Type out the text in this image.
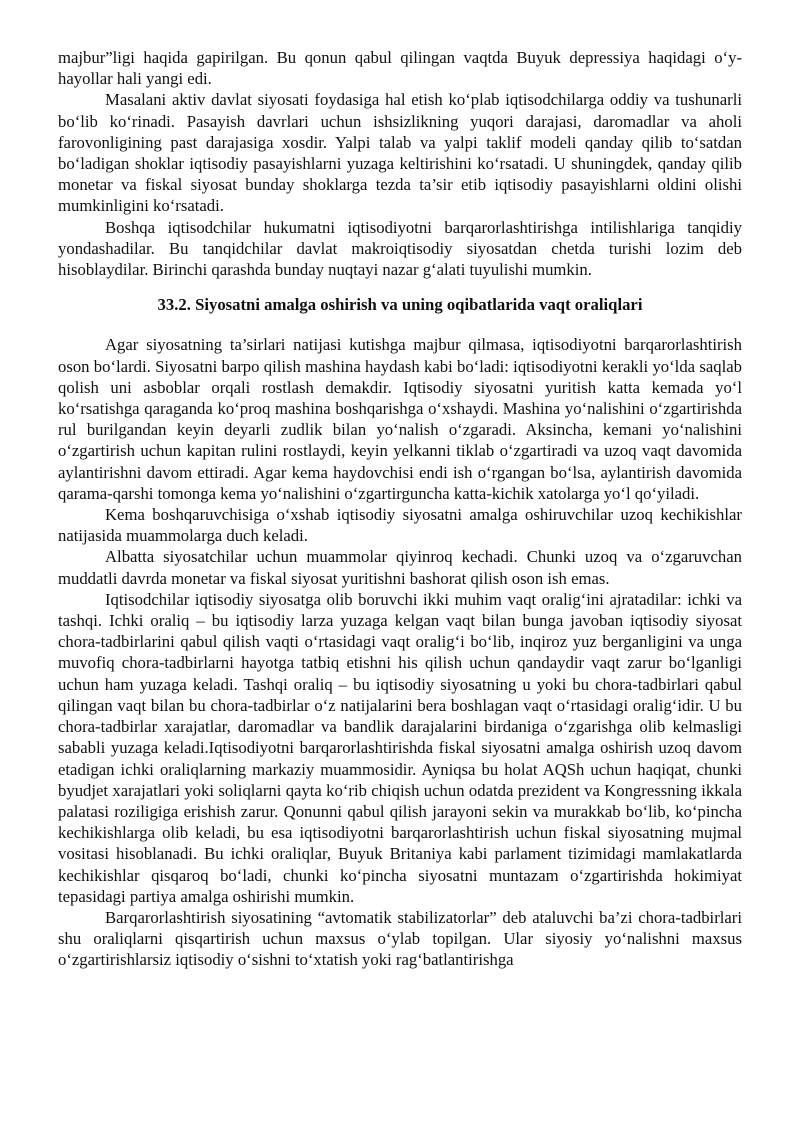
majbur”ligi haqida gapirilgan. Bu qonun qabul qilingan vaqtda Buyuk depressiya haqidagi o‘y-hayollar hali yangi edi.

Masalani aktiv davlat siyosati foydasiga hal etish ko‘plab iqtisodchilarga oddiy va tushunarli bo‘lib ko‘rinadi. Pasayish davrlari uchun ishsizlikning yuqori darajasi, daromadlar va aholi farovonligining past darajasiga xosdir. Yalpi talab va yalpi taklif modeli qanday qilib to‘satdan bo‘ladigan shoklar iqtisodiy pasayishlarni yuzaga keltirishini ko‘rsatadi. U shuningdek, qanday qilib monetar va fiskal siyosat bunday shoklarga tezda ta’sir etib iqtisodiy pasayishlarni oldini olishi mumkinligini ko‘rsatadi.

Boshqa iqtisodchilar hukumatni iqtisodiyotni barqarorlashtirishga intilishlariga tanqidiy yondashadilar. Bu tanqidchilar davlat makroiqtisodiy siyosatdan chetda turishi lozim deb hisoblaydilar. Birinchi qarashda bunday nuqtayi nazar g‘alati tuyulishi mumkin.

33.2. Siyosatni amalga oshirish va uning oqibatlarida vaqt oraliqlari

Agar siyosatning ta’sirlari natijasi kutishga majbur qilmasa, iqtisodiyotni barqarorlashtirish oson bo‘lardi. Siyosatni barpo qilish mashina haydash kabi bo‘ladi: iqtisodiyotni kerakli yo‘lda saqlab qolish uni asboblar orqali rostlash demakdir. Iqtisodiy siyosatni yuritish katta kemada yo‘l ko‘rsatishga qaraganda ko‘proq mashina boshqarishga o‘xshaydi. Mashina yo‘nalishini o‘zgartirishda rul burilgandan keyin deyarli zudlik bilan yo‘nalish o‘zgaradi. Aksincha, kemani yo‘nalishini o‘zgartirish uchun kapitan rulini rostlaydi, keyin yelkanni tiklab o‘zgartiradi va uzoq vaqt davomida aylantirishni davom ettiradi. Agar kema haydovchisi endi ish o‘rgangan bo‘lsa, aylantirish davomida qarama-qarshi tomonga kema yo‘nalishini o‘zgartirguncha katta-kichik xatolarga yo‘l qo‘yiladi.

Kema boshqaruvchisiga o‘xshab iqtisodiy siyosatni amalga oshiruvchilar uzoq kechikishlar natijasida muammolarga duch keladi.

Albatta siyosatchilar uchun muammolar qiyinroq kechadi. Chunki uzoq va o‘zgaruvchan muddatli davrda monetar va fiskal siyosat yuritishni bashorat qilish oson ish emas.

Iqtisodchilar iqtisodiy siyosatga olib boruvchi ikki muhim vaqt oralig‘ini ajratadilar: ichki va tashqi. Ichki oraliq – bu iqtisodiy larza yuzaga kelgan vaqt bilan bunga javoban iqtisodiy siyosat chora-tadbirlarini qabul qilish vaqti o‘rtasidagi vaqt oralig‘i bo‘lib, inqiroz yuz berganligini va unga muvofiq chora-tadbirlarni hayotga tatbiq etishni his qilish uchun qandaydir vaqt zarur bo‘lganligi uchun ham yuzaga keladi. Tashqi oraliq – bu iqtisodiy siyosatning u yoki bu chora-tadbirlari qabul qilingan vaqt bilan bu chora-tadbirlar o‘z natijalarini bera boshlagan vaqt o‘rtasidagi oralig‘idir. U bu chora-tadbirlar xarajatlar, daromadlar va bandlik darajalarini birdaniga o‘zgarishga olib kelmasligi sababli yuzaga keladi.Iqtisodiyotni barqarorlashtirishda fiskal siyosatni amalga oshirish uzoq davom etadigan ichki oraliqlarning markaziy muammosidir. Ayniqsa bu holat AQSh uchun haqiqat, chunki byudjet xarajatlari yoki soliqlarni qayta ko‘rib chiqish uchun odatda prezident va Kongressning ikkala palatasi roziligiga erishish zarur. Qonunni qabul qilish jarayoni sekin va murakkab bo‘lib, ko‘pincha kechikishlarga olib keladi, bu esa iqtisodiyotni barqarorlashtirish uchun fiskal siyosatning mujmal vositasi hisoblanadi. Bu ichki oraliqlar, Buyuk Britaniya kabi parlament tizimidagi mamlakatlarda kechikishlar qisqaroq bo‘ladi, chunki ko‘pincha siyosatni muntazam o‘zgartirishda hokimiyat tepasidagi partiya amalga oshirishi mumkin.

Barqarorlashtirish siyosatining “avtomatik stabilizatorlar” deb ataluvchi ba’zi chora-tadbirlari shu oraliqlarni qisqartirish uchun maxsus o‘ylab topilgan. Ular siyosiy yo‘nalishni maxsus o‘zgartirishlarsiz iqtisodiy o‘sishni to‘xtatish yoki rag‘batlantirishga
